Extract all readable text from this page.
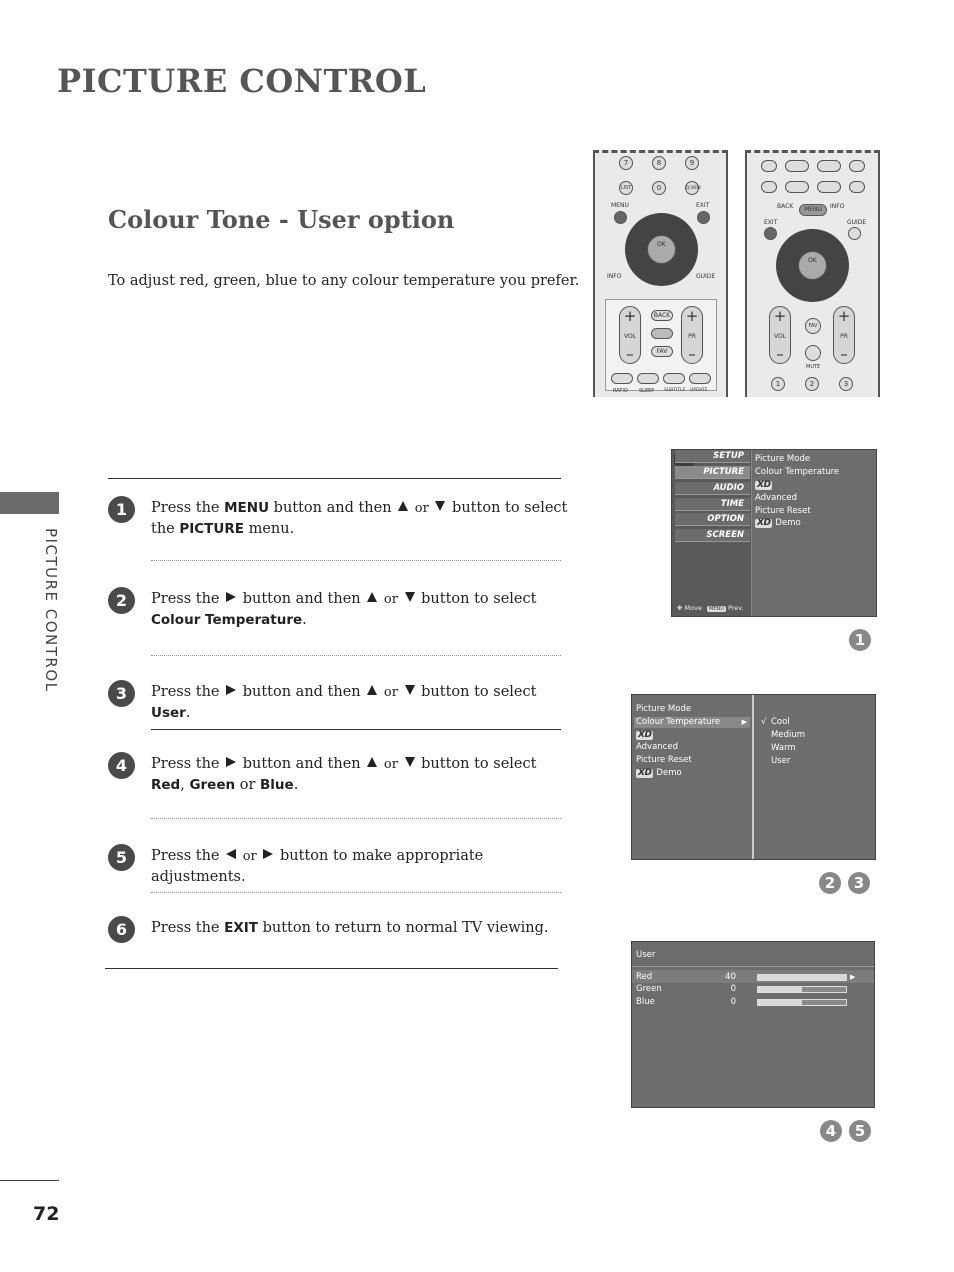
PICTURE CONTROL
Colour Tone - User option
To adjust red, green, blue to any colour temperature you prefer.
PICTURE CONTROL
72
7	8	9
LIST	0	Q.VIEW
MENU	EXIT
OK
INFO	GUIDE
+
VOL
–
+
PR
–
BACK
FAV
RATIO SLEEP SUBTITLE UPDATE
BACK	MENU	INFO
EXIT	GUIDE
OK
+
VOL
–
+
PR
–
FAV
MUTE
1	2	3
1	Press the MENU button and then  or  button to select the PICTURE menu.
2	Press the  button and then  or  button to select Colour Temperature.
3	Press the  button and then  or  button to select User.
4	Press the  button and then  or  button to select Red, Green or Blue.
5	Press the  or  button to make appropriate adjustments.
6	Press the EXIT button to return to normal TV viewing.
SETUP
PICTURE
AUDIO
TIME
OPTION
SCREEN
✥ Move	MENU Prev.
Picture Mode
Colour Temperature
XD
Advanced
Picture Reset
XD Demo
1
Picture Mode
Colour Temperature	▶
XD
Advanced
Picture Reset
XD Demo
√ Cool
Medium
Warm
User
2	3
User
Red	40	▶
Green	0
Blue	0
4	5
